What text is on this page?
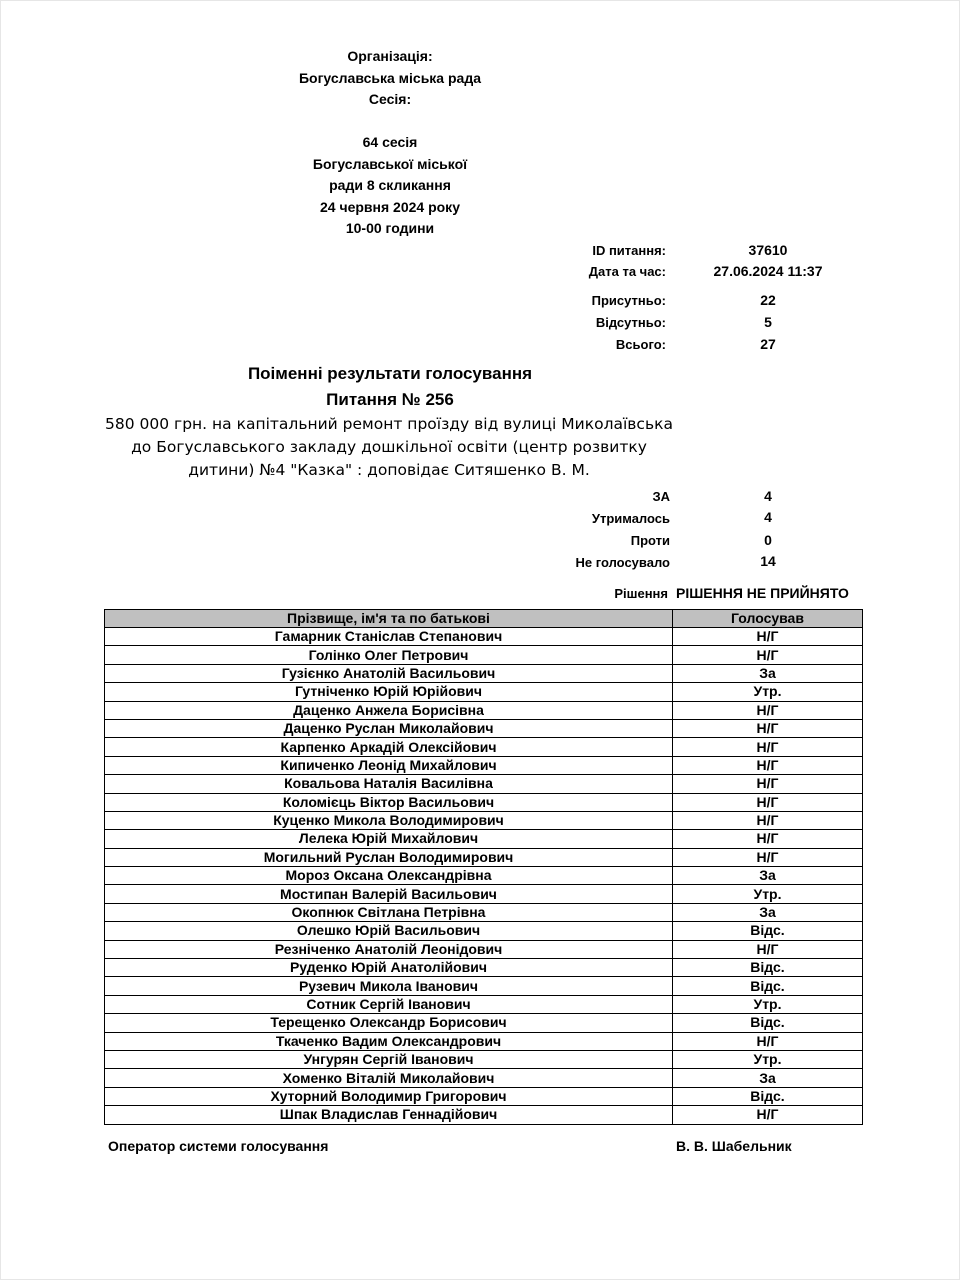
Організація:
Богуславська міська рада
Сесія:
64 сесія
Богуславської міської
ради 8 скликання
24 червня 2024 року
10-00 години
ID питання:	37610
Дата та час:	27.06.2024 11:37
Присутньо:	22
Відсутньо:	5
Всього:	27
Поіменні результати голосування
Питання № 256
580 000 грн. на капітальний ремонт проїзду від вулиці Миколаївська
до Богуславського закладу дошкільної освіти (центр розвитку
дитини) №4 "Казка" : доповідає Ситяшенко В. М.
ЗА	4
Утрималось	4
Проти	0
Не голосувало	14
Рішення РІШЕННЯ НЕ ПРИЙНЯТО
Прізвище, ім'я та по батькові	Голосував
Гамарник Станіслав Степанович	Н/Г
Голінко Олег Петрович	Н/Г
Гузієнко Анатолій Васильович	За
Гутніченко Юрій Юрійович	Утр.
Даценко Анжела Борисівна	Н/Г
Даценко Руслан Миколайович	Н/Г
Карпенко Аркадій Олексійович	Н/Г
Кипиченко Леонід Михайлович	Н/Г
Ковальова Наталія Василівна	Н/Г
Коломієць Віктор Васильович	Н/Г
Куценко Микола Володимирович	Н/Г
Лелека Юрій Михайлович	Н/Г
Могильний Руслан Володимирович	Н/Г
Мороз Оксана Олександрівна	За
Мостипан Валерій Васильович	Утр.
Окопнюк Світлана Петрівна	За
Олешко Юрій Васильович	Відс.
Резніченко Анатолій Леонідович	Н/Г
Руденко Юрій Анатолійович	Відс.
Рузевич Микола Іванович	Відс.
Сотник Сергій Іванович	Утр.
Терещенко Олександр Борисович	Відс.
Ткаченко Вадим Олександрович	Н/Г
Унгурян Сергій Іванович	Утр.
Хоменко Віталій Миколайович	За
Хуторний Володимир Григорович	Відс.
Шпак Владислав Геннадійович	Н/Г
Оператор системи голосування	В. В. Шабельник
